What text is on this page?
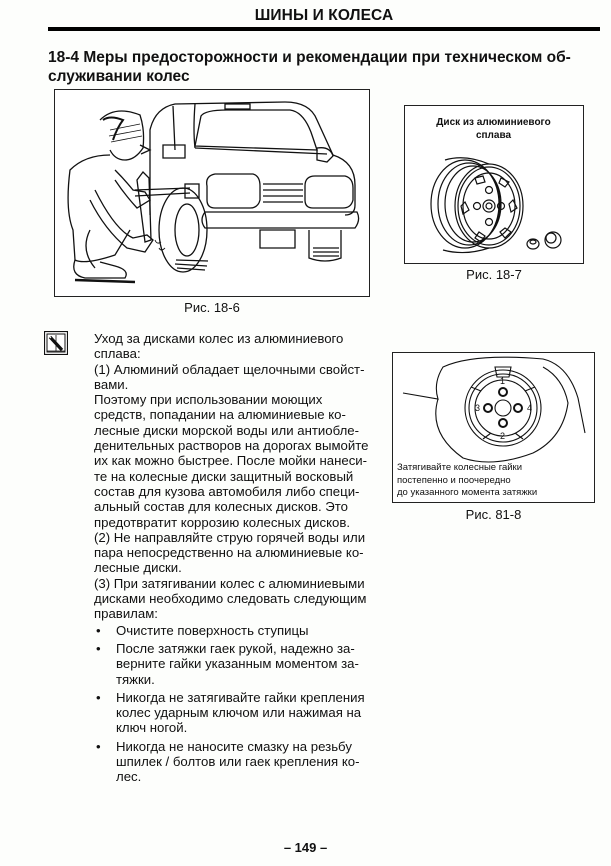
ШИНЫ И КОЛЕСА
18-4 Меры предосторожности и рекомендации при техническом об-
служивании колес
Рис. 18-6
Диск из алюминиевого
сплава
Рис. 18-7

Уход за дисками колес из алюминиевого

сплава:

(1) Алюминий обладает щелочными свойст-

вами.

Поэтому при использовании моющих

средств, попадании на алюминиевые ко-

лесные диски морской воды или антиобле-

денительных растворов на дорогах вымойте

их как можно быстрее. После мойки нанеси-

те на колесные диски защитный восковый

состав для кузова автомобиля либо специ-

альный состав для колесных дисков. Это

предотвратит коррозию колесных дисков.

(2) Не направляйте струю горячей воды или

пара непосредственно на алюминиевые ко-

лесные диски.

(3) При затягивании колес с алюминиевыми

дисками необходимо следовать следующим

правилам:

• Очистите поверхность ступицы
• После затяжки гаек рукой, надежно за-
верните гайки указанным моментом за-
тяжки.
• Никогда не затягивайте гайки крепления
колес ударным ключом или нажимая на
ключ ногой.
• Никогда не наносите смазку на резьбу
шпилек / болтов или гаек крепления ко-
лес.
1
2
3	4
Затягивайте колесные гайки
постепенно и поочередно
до указанного момента затяжки
Рис. 81-8
– 149 –
